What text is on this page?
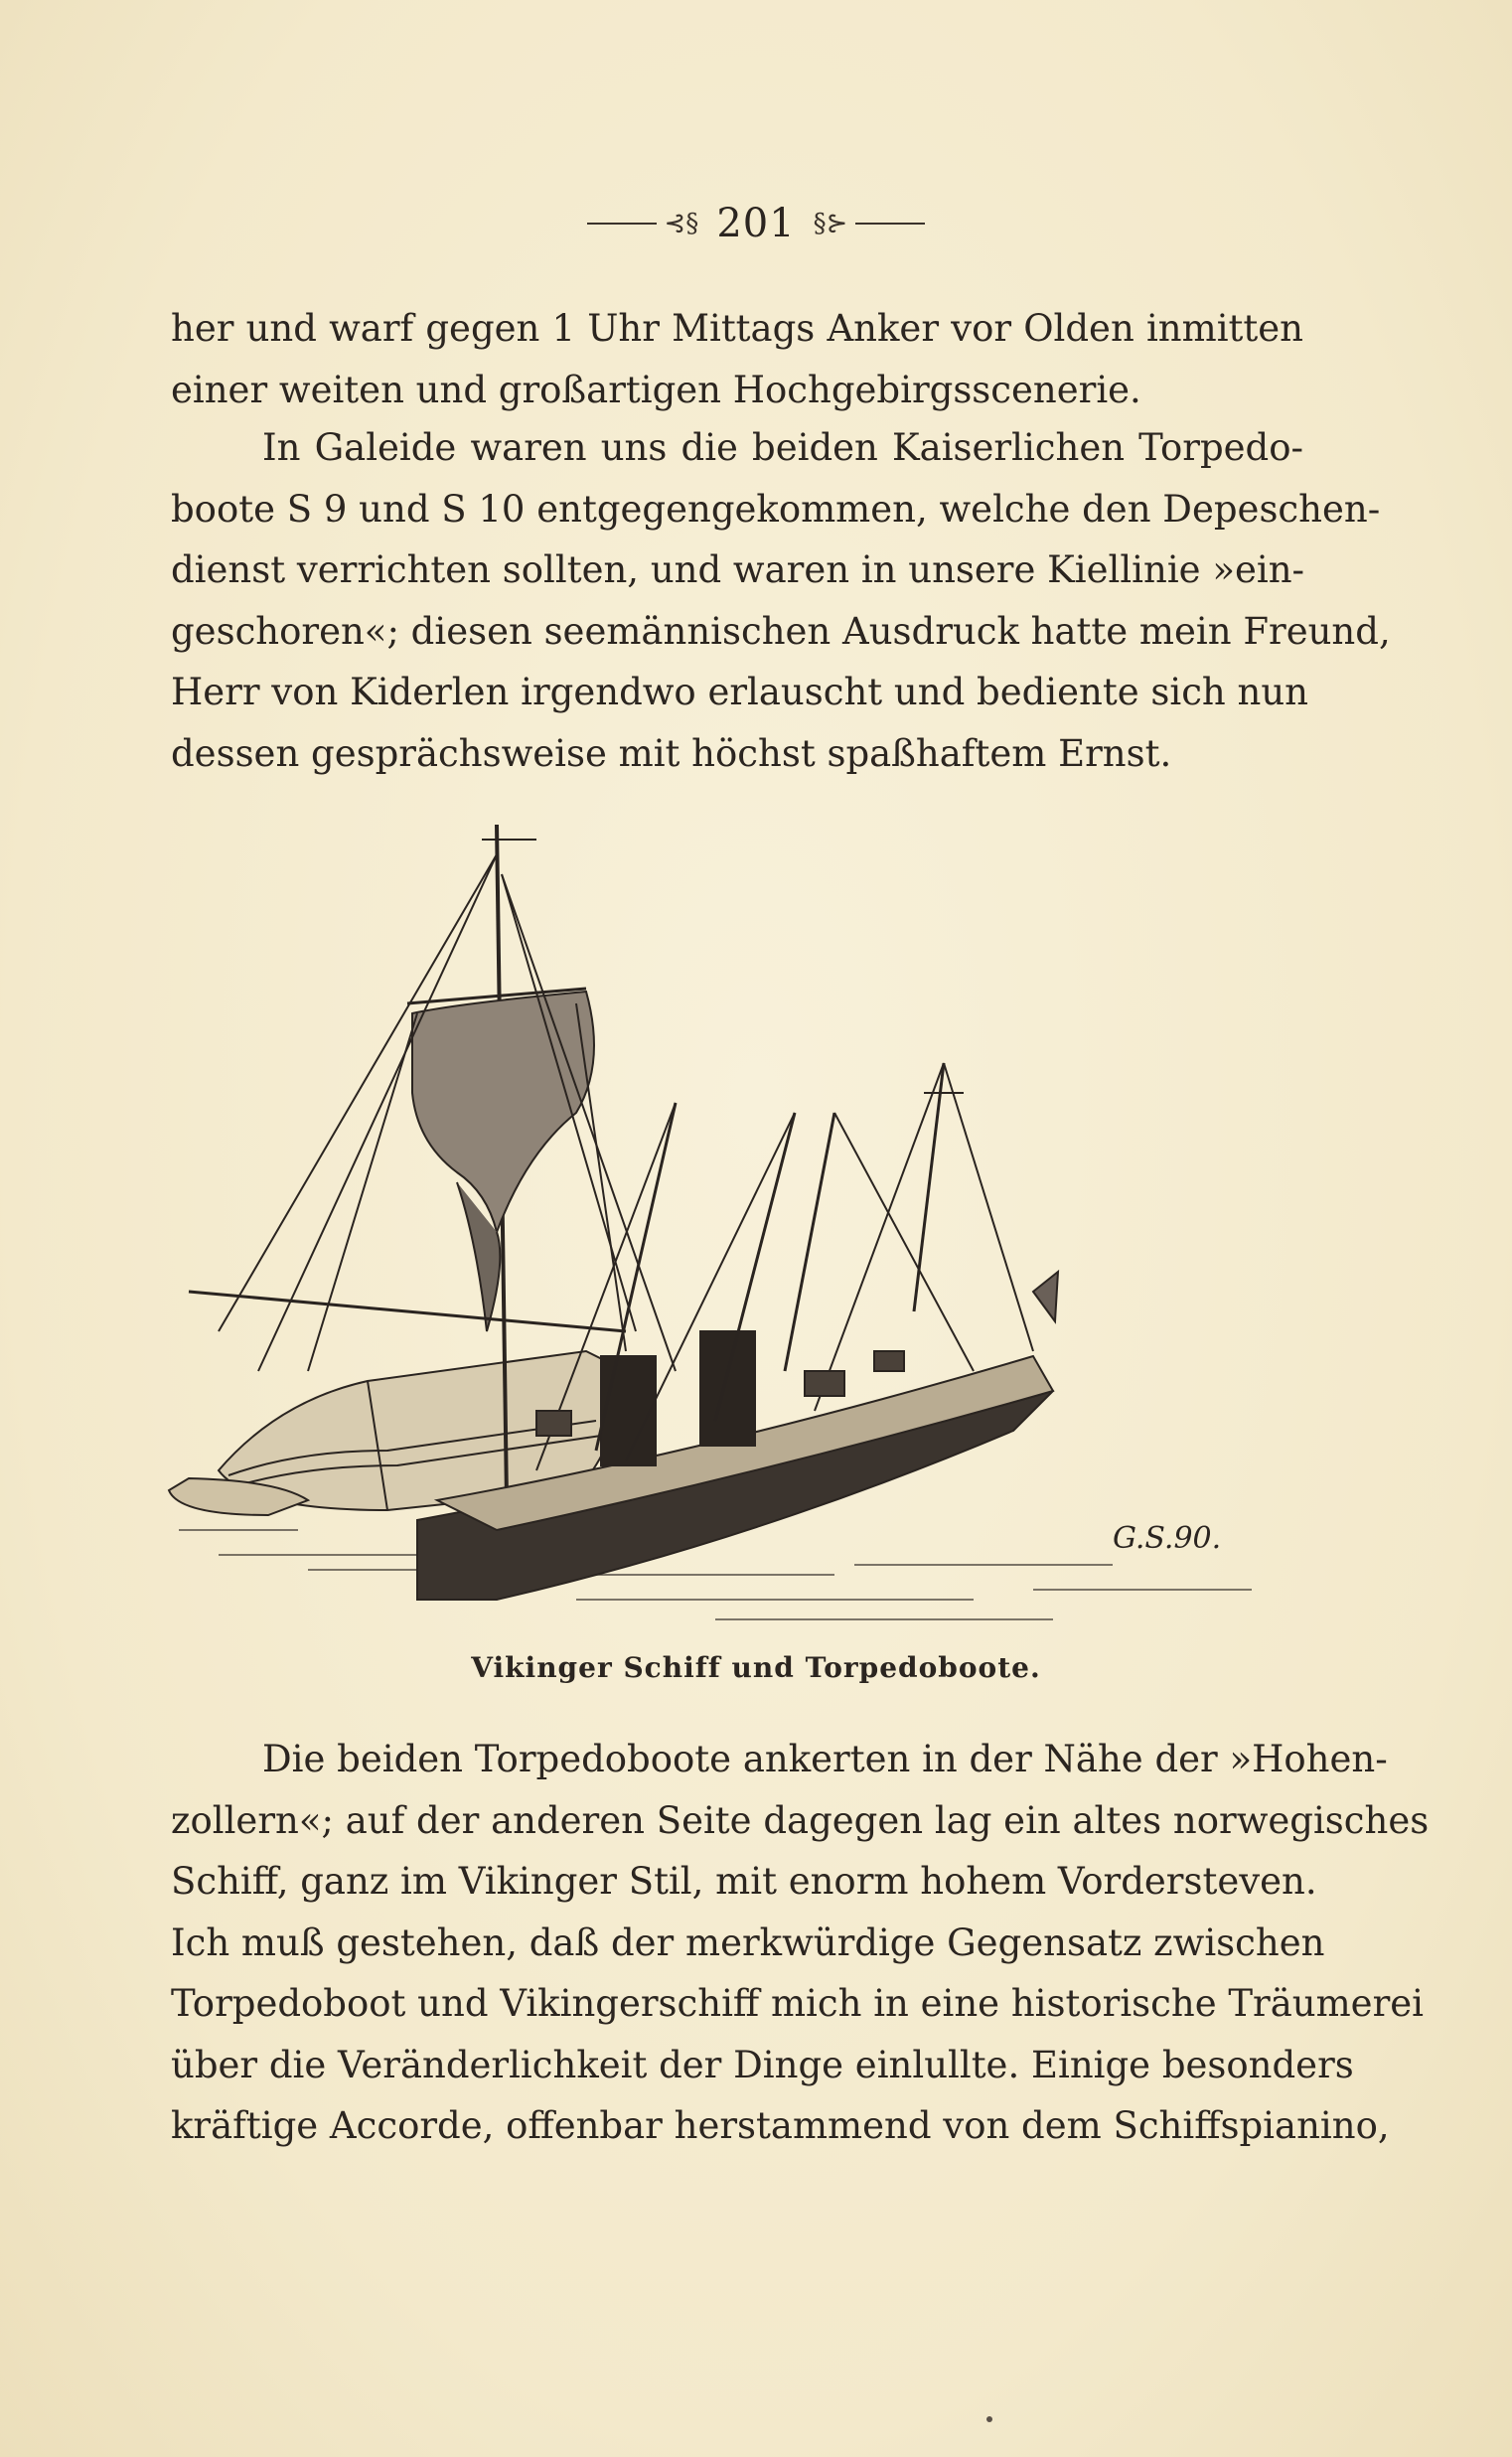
⊰§ 201 §⊱
her und warf gegen 1 Uhr Mittags Anker vor Olden inmitten
einer weiten und großartigen Hochgebirgsscenerie.
In Galeide waren uns die beiden Kaiserlichen Torpedo-
boote S 9 und S 10 entgegengekommen, welche den Depeschen-
dienst verrichten sollten, und waren in unsere Kiellinie »ein-
geschoren«; diesen seemännischen Ausdruck hatte mein Freund,
Herr von Kiderlen irgendwo erlauscht und bediente sich nun
dessen gesprächsweise mit höchst spaßhaftem Ernst.
G.S.90.
Vikinger Schiff und Torpedoboote.
Die beiden Torpedoboote ankerten in der Nähe der »Hohen-
zollern«; auf der anderen Seite dagegen lag ein altes norwegisches
Schiff, ganz im Vikinger Stil, mit enorm hohem Vordersteven.
Ich muß gestehen, daß der merkwürdige Gegensatz zwischen
Torpedoboot und Vikingerschiff mich in eine historische Träumerei
über die Veränderlichkeit der Dinge einlullte. Einige besonders
kräftige Accorde, offenbar herstammend von dem Schiffspianino,
